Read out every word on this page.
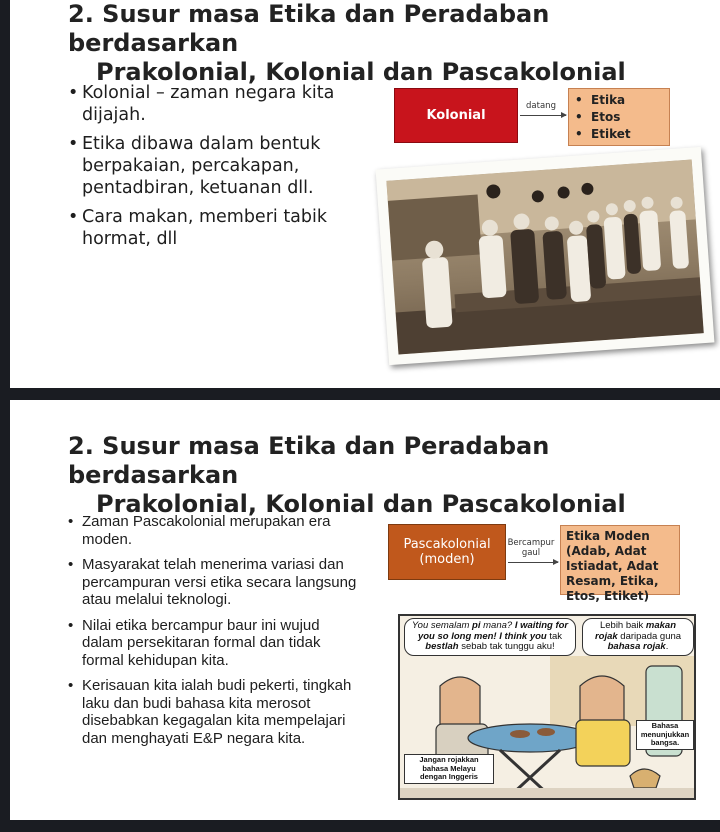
2. Susur masa Etika dan Peradaban berdasarkan
Prakolonial, Kolonial dan Pascakolonial
• Kolonial – zaman negara kita dijajah.
• Etika dibawa dalam bentuk berpakaian, percakapan, pentadbiran, ketuanan dll.
• Cara makan, memberi tabik hormat, dll
Kolonial
datang	•  Etika
•  Etos
•  Etiket
2. Susur masa Etika dan Peradaban berdasarkan
Prakolonial, Kolonial dan Pascakolonial
• Zaman Pascakolonial merupakan era moden.
• Masyarakat telah menerima variasi dan percampuran versi etika secara langsung atau melalui teknologi.
• Nilai etika bercampur baur ini wujud dalam persekitaran formal dan tidak formal kehidupan kita.
• Kerisauan kita ialah budi pekerti, tingkah laku dan budi bahasa kita merosot disebabkan kegagalan kita mempelajari dan menghayati E&P negara kita.
Pascakolonial
(moden)
Bercampur
gaul
Etika Moden (Adab, Adat Istiadat, Adat Resam, Etika, Etos, Etiket)
You semalam pi mana? I waiting for you so long men! I think you tak bestlah sebab tak tunggu aku!
Lebih baik makan rojak daripada guna bahasa rojak.
Jangan rojakkan bahasa Melayu dengan Inggeris
Bahasa menunjukkan bangsa.
